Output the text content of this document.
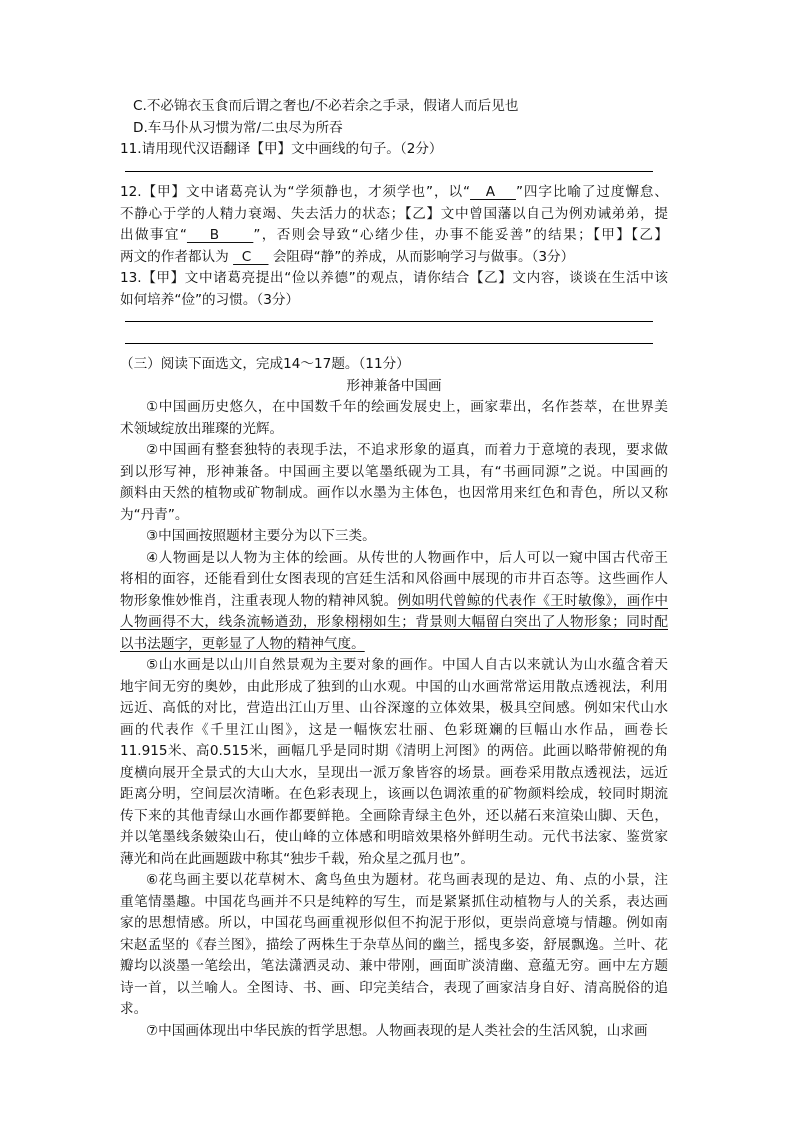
C.不必锦衣玉食而后谓之奢也/不必若余之手录，假诸人而后见也
D.车马仆从习惯为常/二虫尽为所吞
11.请用现代汉语翻译【甲】文中画线的句子。（2分）
12.【甲】文中诸葛亮认为“学须静也，才须学也”，以“   A    ”四字比喻了过度懈怠、
不静心于学的人精力衰竭、失去活力的状态；【乙】文中曾国藩以自己为例劝诫弟弟，提
出做事宜“    B      ”，否则会导致“心绪少佳，办事不能妥善”的结果；【甲】【乙】
两文的作者都认为   C     会阻碍“静”的养成，从而影响学习与做事。（3分）
13.【甲】文中诸葛亮提出“俭以养德”的观点，请你结合【乙】文内容，谈谈在生活中该
如何培养“俭”的习惯。（3分）
（三）阅读下面选文，完成14～17题。（11分）
形神兼备中国画
①中国画历史悠久，在中国数千年的绘画发展史上，画家辈出，名作荟萃，在世界美
术领域绽放出璀璨的光辉。
②中国画有整套独特的表现手法，不追求形象的逼真，而着力于意境的表现，要求做
到以形写神，形神兼备。中国画主要以笔墨纸砚为工具，有“书画同源”之说。中国画的
颜料由天然的植物或矿物制成。画作以水墨为主体色，也因常用来红色和青色，所以又称
为“丹青”。
③中国画按照题材主要分为以下三类。
④人物画是以人物为主体的绘画。从传世的人物画作中，后人可以一窥中国古代帝王
将相的面容，还能看到仕女图表现的宫廷生活和风俗画中展现的市井百态等。这些画作人
物形象惟妙惟肖，注重表现人物的精神风貌。例如明代曾鲸的代表作《王时敏像》，画作中
人物画得不大，线条流畅遒劲，形象栩栩如生；背景则大幅留白突出了人物形象；同时配
以书法题字，更彰显了人物的精神气度。
⑤山水画是以山川自然景观为主要对象的画作。中国人自古以来就认为山水蕴含着天
地宇间无穷的奥妙，由此形成了独到的山水观。中国的山水画常常运用散点透视法，利用
远近、高低的对比，营造出江山万里、山谷深邃的立体效果，极具空间感。例如宋代山水
画的代表作《千里江山图》，这是一幅恢宏壮丽、色彩斑斓的巨幅山水作品，画卷长
11.915米、高0.515米，画幅几乎是同时期《清明上河图》的两倍。此画以略带俯视的角
度横向展开全景式的大山大水，呈现出一派万象皆容的场景。画卷采用散点透视法，远近
距离分明，空间层次清晰。在色彩表现上，该画以色调浓重的矿物颜料绘成，较同时期流
传下来的其他青绿山水画作都要鲜艳。全画除青绿主色外，还以赭石来渲染山脚、天色，
并以笔墨线条皴染山石，使山峰的立体感和明暗效果格外鲜明生动。元代书法家、鉴赏家
薄光和尚在此画题跋中称其“独步千载，殆众星之孤月也”。
⑥花鸟画主要以花草树木、禽鸟鱼虫为题材。花鸟画表现的是边、角、点的小景，注
重笔情墨趣。中国花鸟画并不只是纯粹的写生，而是紧紧抓住动植物与人的关系，表达画
家的思想情感。所以，中国花鸟画重视形似但不拘泥于形似，更崇尚意境与情趣。例如南
宋赵孟坚的《春兰图》，描绘了两株生于杂草丛间的幽兰，摇曳多姿，舒展飘逸。兰叶、花
瓣均以淡墨一笔绘出，笔法潇洒灵动、兼中带刚，画面旷淡清幽、意蕴无穷。画中左方题
诗一首，以兰喻人。全图诗、书、画、印完美结合，表现了画家洁身自好、清高脱俗的追
求。
⑦中国画体现出中华民族的哲学思想。人物画表现的是人类社会的生活风貌，山求画
